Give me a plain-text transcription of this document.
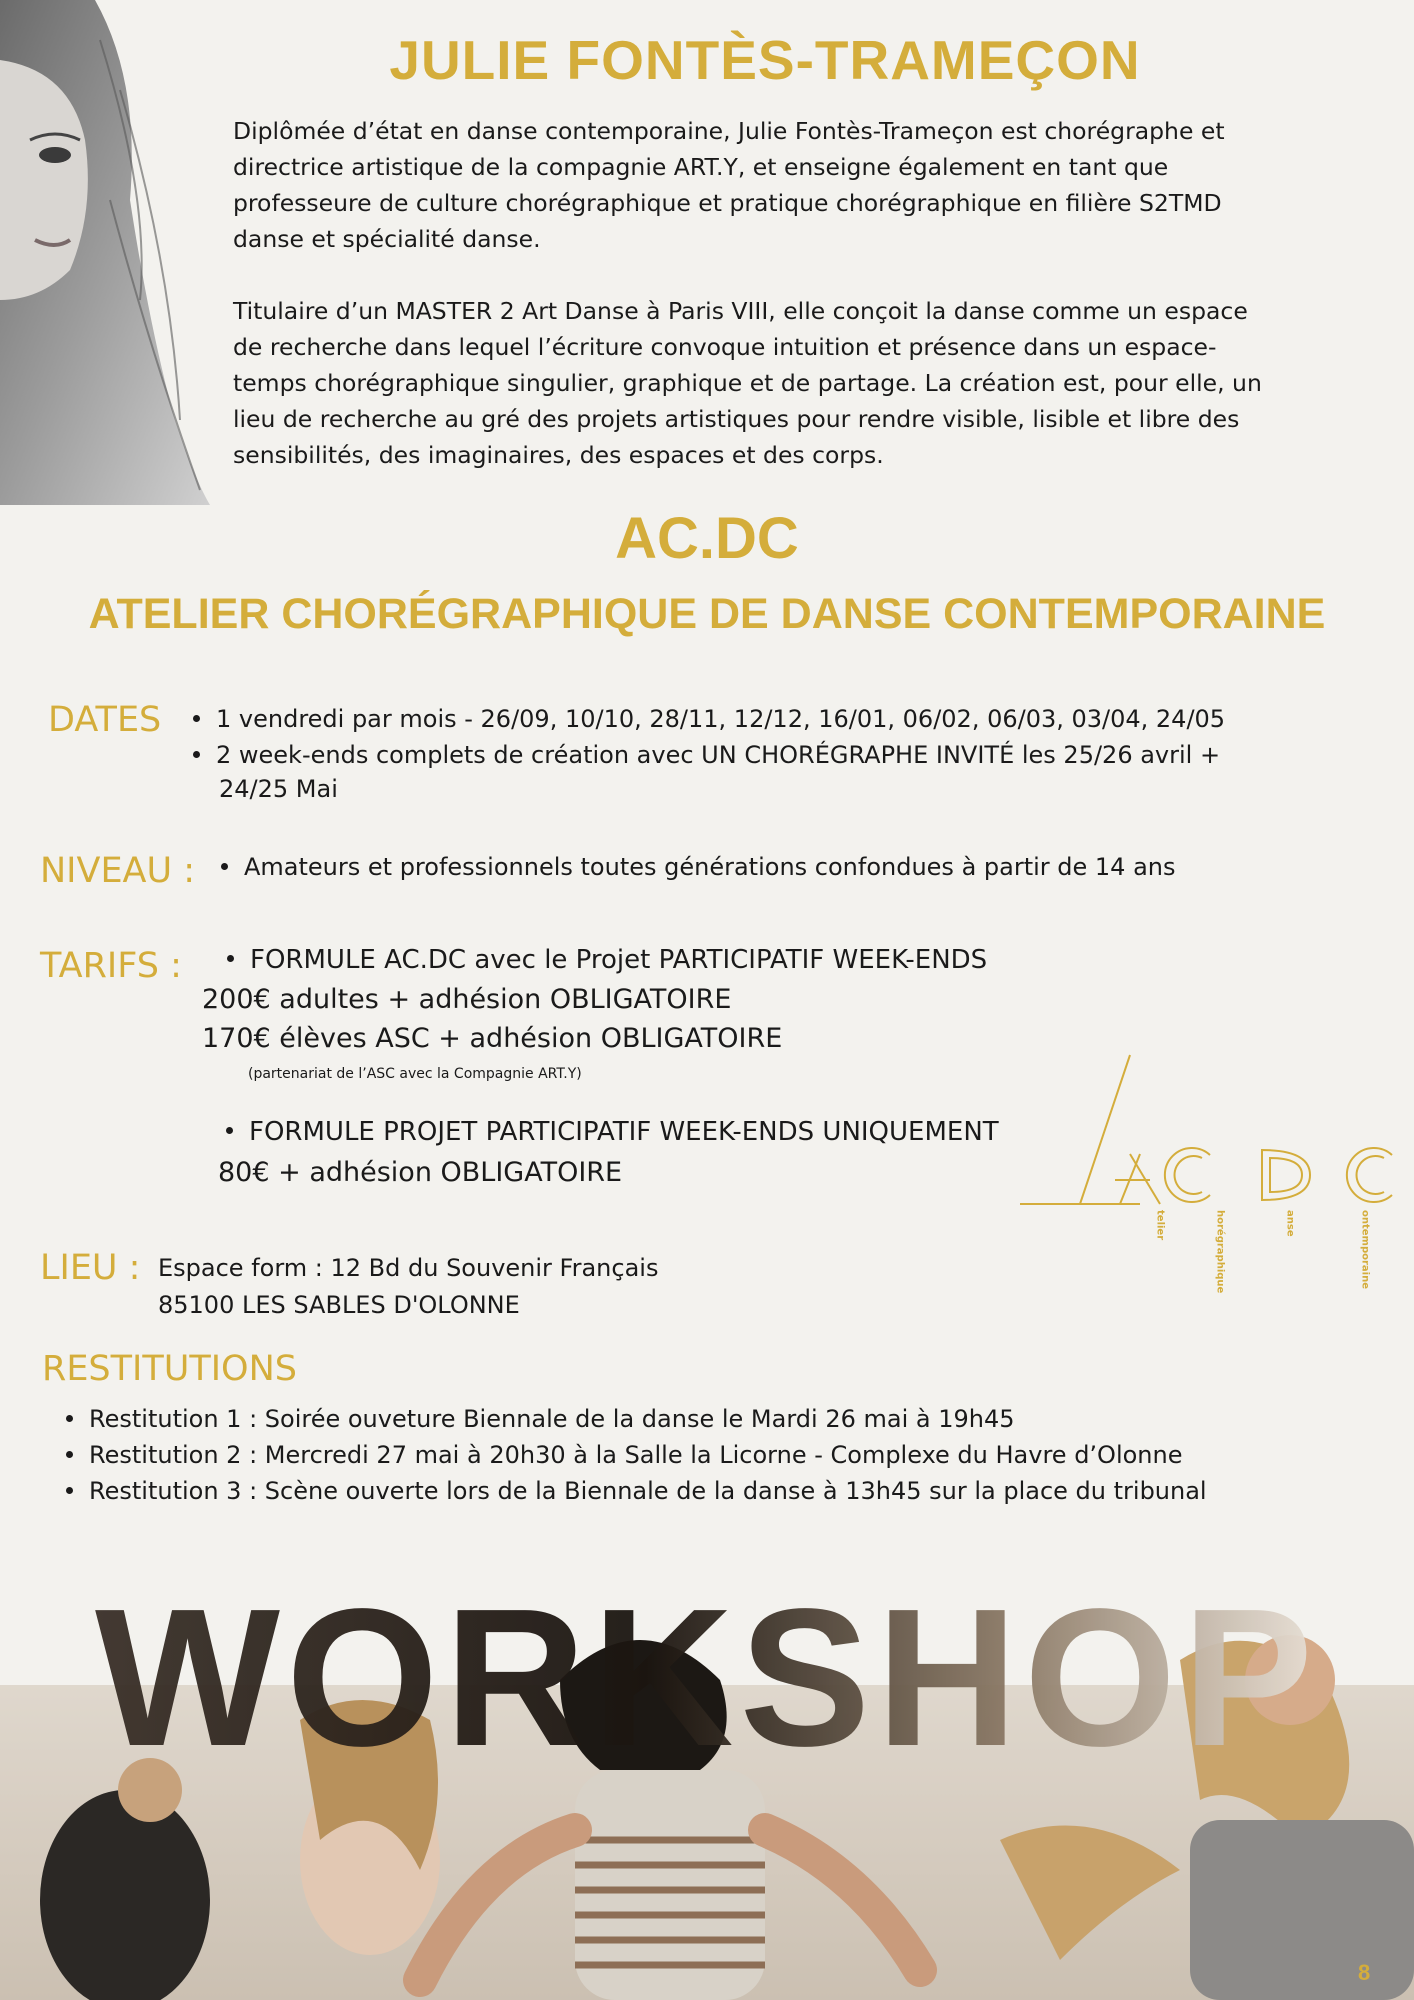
JULIE FONTÈS-TRAMEÇON
Diplômée d’état en danse contemporaine, Julie Fontès-Trameçon est chorégraphe et
directrice artistique de la compagnie ART.Y, et enseigne également en tant que
professeure de culture chorégraphique et pratique chorégraphique en filière S2TMD
danse et spécialité danse.
Titulaire d’un MASTER 2 Art Danse à Paris VIII, elle conçoit la danse comme un espace
de recherche dans lequel l’écriture convoque intuition et présence dans un espace-
temps chorégraphique singulier, graphique et de partage. La création est, pour elle, un
lieu de recherche au gré des projets artistiques pour rendre visible, lisible et libre des
sensibilités, des imaginaires, des espaces et des corps.
AC.DC
ATELIER CHORÉGRAPHIQUE DE DANSE CONTEMPORAINE
DATES	1 vendredi par mois - 26/09, 10/10, 28/11, 12/12, 16/01, 06/02, 06/03, 03/04, 24/05
2 week-ends complets de création avec UN CHORÉGRAPHE INVITÉ les 25/26 avril +
24/25 Mai
NIVEAU :	Amateurs et professionnels toutes générations confondues à partir de 14 ans
TARIFS :	FORMULE AC.DC avec le Projet PARTICIPATIF WEEK-ENDS
200€ adultes + adhésion OBLIGATOIRE
170€ élèves ASC + adhésion OBLIGATOIRE
(partenariat de l’ASC avec la Compagnie ART.Y)
FORMULE PROJET PARTICIPATIF WEEK-ENDS UNIQUEMENT
80€ + adhésion OBLIGATOIRE
LIEU : Espace form : 12 Bd du Souvenir Français
85100 LES SABLES D'OLONNE
RESTITUTIONS
Restitution 1 : Soirée ouveture Biennale de la danse le Mardi 26 mai à 19h45
Restitution 2 : Mercredi 27 mai à 20h30 à la Salle la Licorne - Complexe du Havre d’Olonne
Restitution 3 : Scène ouverte lors de la Biennale de la danse à 13h45 sur la place du tribunal
telier	horégraphique	anse	ontemporaine
WORKSHOP
8
